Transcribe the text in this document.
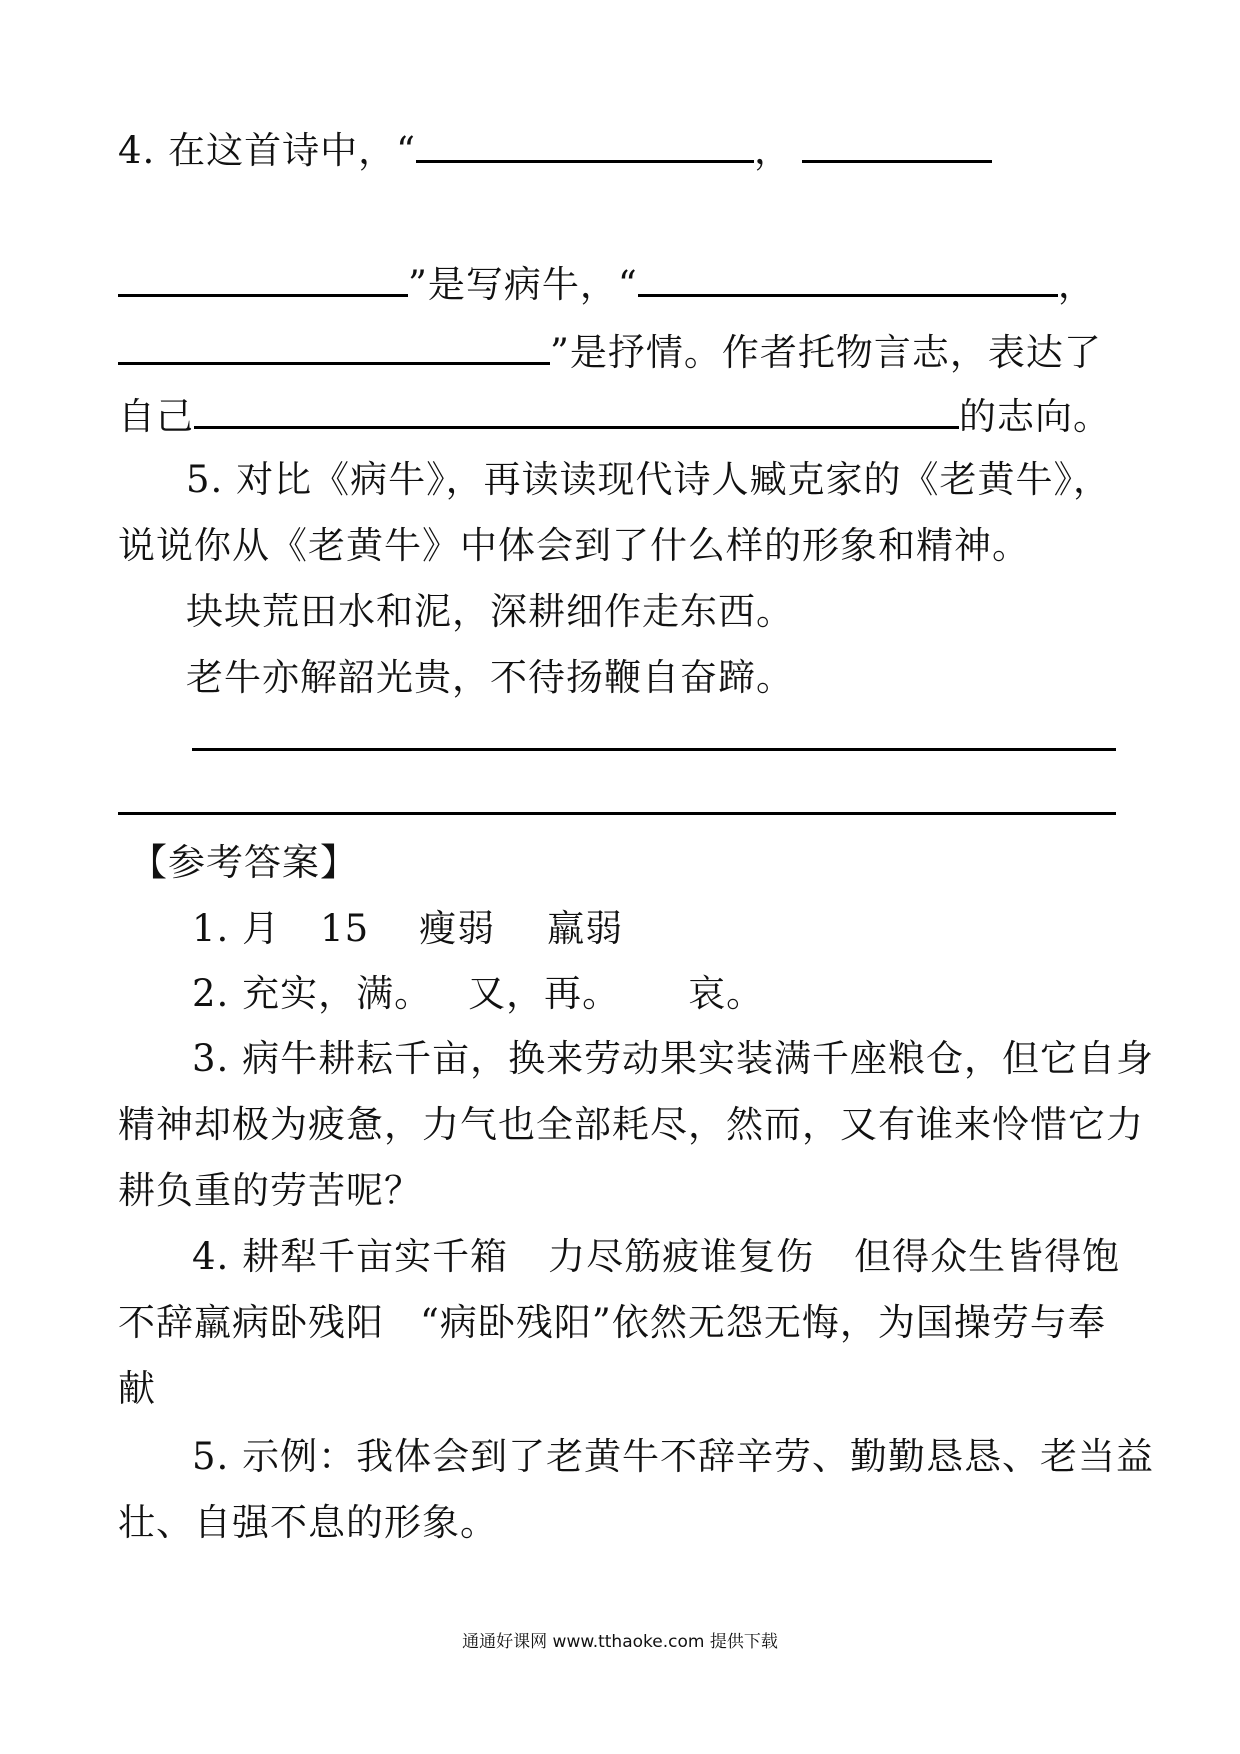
4. 在这首诗中，“	，
”是写病牛，“	，
”是抒情。作者托物言志，表达了
自己	的志向。
5. 对比《病牛》，再读读现代诗人臧克家的《老黄牛》，
说说你从《老黄牛》中体会到了什么样的形象和精神。
块块荒田水和泥，深耕细作走东西。
老牛亦解韶光贵，不待扬鞭自奋蹄。
【参考答案】
1. 月 15 瘦弱 羸弱
2. 充实，满。 又，再。 哀。
3. 病牛耕耘千亩，换来劳动果实装满千座粮仓，但它自身
精神却极为疲惫，力气也全部耗尽，然而，又有谁来怜惜它力
耕负重的劳苦呢？
4. 耕犁千亩实千箱 力尽筋疲谁复伤 但得众生皆得饱
不辞羸病卧残阳 “病卧残阳”依然无怨无悔，为国操劳与奉
献
5. 示例：我体会到了老黄牛不辞辛劳、勤勤恳恳、老当益
壮、自强不息的形象。
通通好课网 www.tthaoke.com 提供下载
